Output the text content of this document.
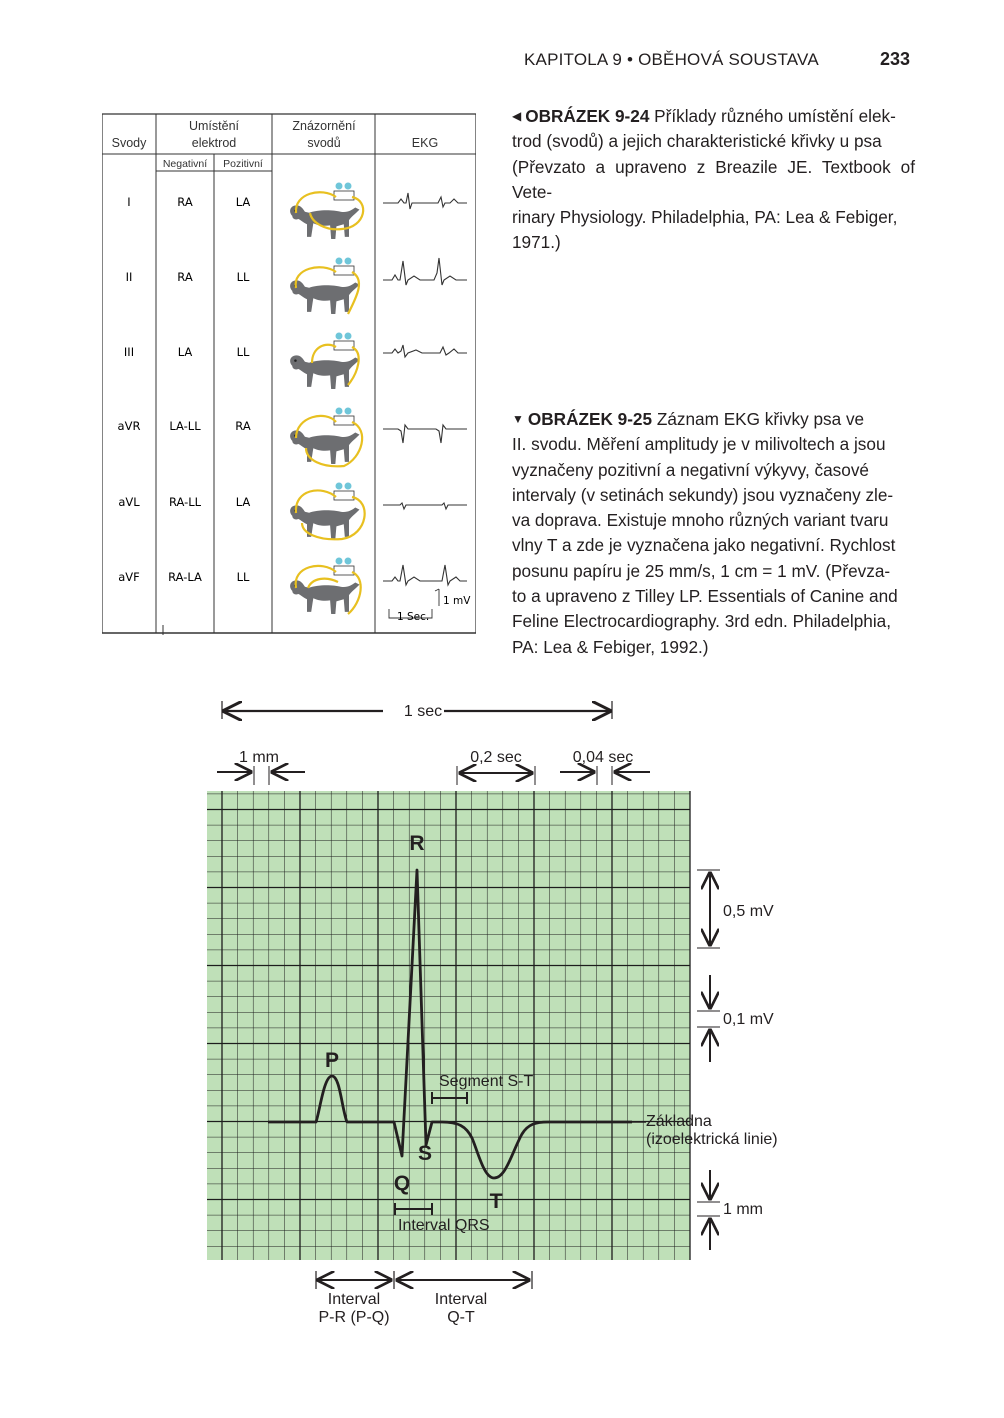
KAPITOLA 9 • OBĚHOVÁ SOUSTAVA	233
◀ OBRÁZEK 9-24 Příklady různého umístění elek-
trod (svodů) a jejich charakteristické křivky u psa
(Převzato a upraveno z Breazile JE. Textbook of Vete-
rinary Physiology. Philadelphia, PA: Lea & Febiger,
1971.)
▼ OBRÁZEK 9-25 Záznam EKG křivky psa ve
II. svodu. Měření amplitudy je v milivoltech a jsou
vyznačeny pozitivní a negativní výkyvy, časové
intervaly (v setinách sekundy) jsou vyznačeny zle-
va doprava. Existuje mnoho různých variant tvaru
vlny T a zde je vyznačena jako negativní. Rychlost
posunu papíru je 25 mm/s, 1 cm = 1 mV. (Převza-
to a upraveno z Tilley LP. Essentials of Canine and
Feline Electrocardiography. 3rd edn. Philadelphia,
PA: Lea & Febiger, 1992.)
Svody
Umístění
elektrod
Negativní Pozitivní
Znázornění
svodů	EKG
I	RA	LA
II	RA	LL
III	LA	LL
aVR	LA-LL	RA
aVL	RA-LL	LA
aVF RA-LA	LL
1 mV
1 Sec.
1 sec
1 mm	0,2 sec	0,04 sec
0,5 mV
0,1 mV
1 mm
R
P
S
Q
T
Segment S-T
Základna
(izoelektrická linie)
Interval QRS
Interval
P-R (P-Q)
Interval
Q-T
